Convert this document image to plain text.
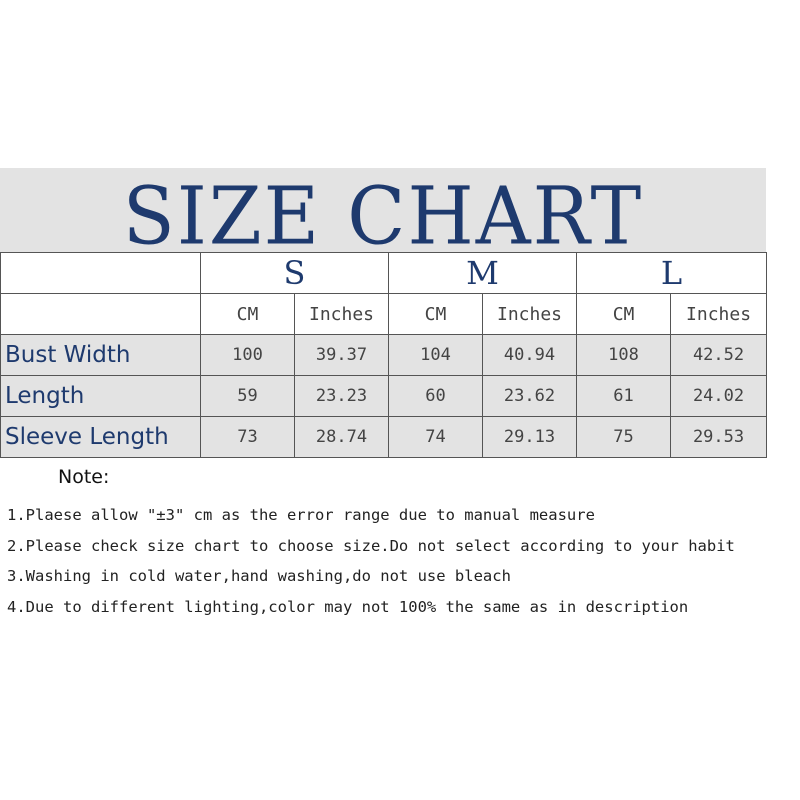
SIZE CHART
	S		M		L	
	CM	Inches	CM	Inches	CM	Inches
Bust Width	100	39.37	104	40.94	108	42.52
Length	59	23.23	60	23.62	61	24.02
Sleeve Length	73	28.74	74	29.13	75	29.53
Note:
1.Plaese allow "±3" cm as the error range due to manual measure
2.Please check size chart to choose size.Do not select according to your habit
3.Washing in cold water,hand washing,do not use bleach
4.Due to different lighting,color may not 100% the same as in description
